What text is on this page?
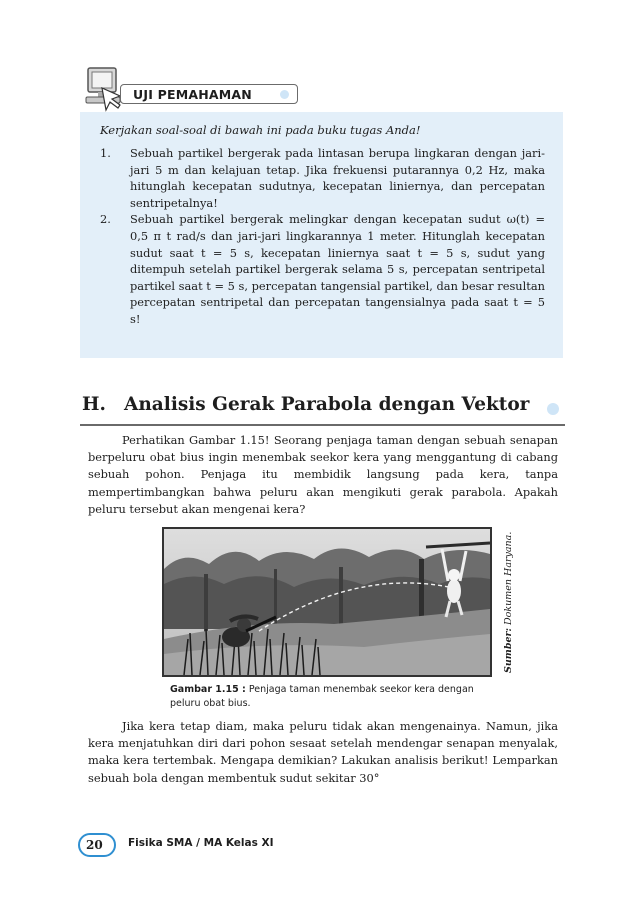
UJI PEMAHAMAN
Kerjakan soal-soal di bawah ini pada buku tugas Anda!
1. Sebuah partikel bergerak pada lintasan berupa lingkaran dengan jari-jari 5 m dan kelajuan tetap. Jika frekuensi putarannya 0,2 Hz, maka hitunglah kecepatan sudutnya, kecepatan liniernya, dan percepatan sentripetalnya!
2. Sebuah partikel bergerak melingkar dengan kecepatan sudut ω(t) = 0,5 π t rad/s dan jari-jari lingkarannya 1 meter. Hitunglah kecepatan sudut saat t = 5 s, kecepatan liniernya saat t = 5 s, sudut yang ditempuh setelah partikel bergerak selama 5 s, percepatan sentripetal partikel saat t = 5 s, percepatan tangensial partikel, dan besar resultan percepatan sentripetal dan percepatan tangensialnya pada saat t = 5 s!
H. Analisis Gerak Parabola dengan Vektor
Perhatikan Gambar 1.15! Seorang penjaga taman dengan sebuah senapan berpeluru obat bius ingin menembak seekor kera yang menggantung di cabang sebuah pohon. Penjaga itu membidik langsung pada kera, tanpa mempertimbangkan bahwa peluru akan mengikuti gerak parabola. Apakah peluru tersebut akan mengenai kera?
Sumber: Dokumen Haryana.
Gambar 1.15 : Penjaga taman menembak seekor kera dengan peluru obat bius.
Jika kera tetap diam, maka peluru tidak akan mengenainya. Namun, jika kera menjatuhkan diri dari pohon sesaat setelah mendengar senapan menyalak, maka kera tertembak. Mengapa demikian? Lakukan analisis berikut! Lemparkan sebuah bola dengan membentuk sudut sekitar 30°
20	Fisika SMA / MA Kelas XI
